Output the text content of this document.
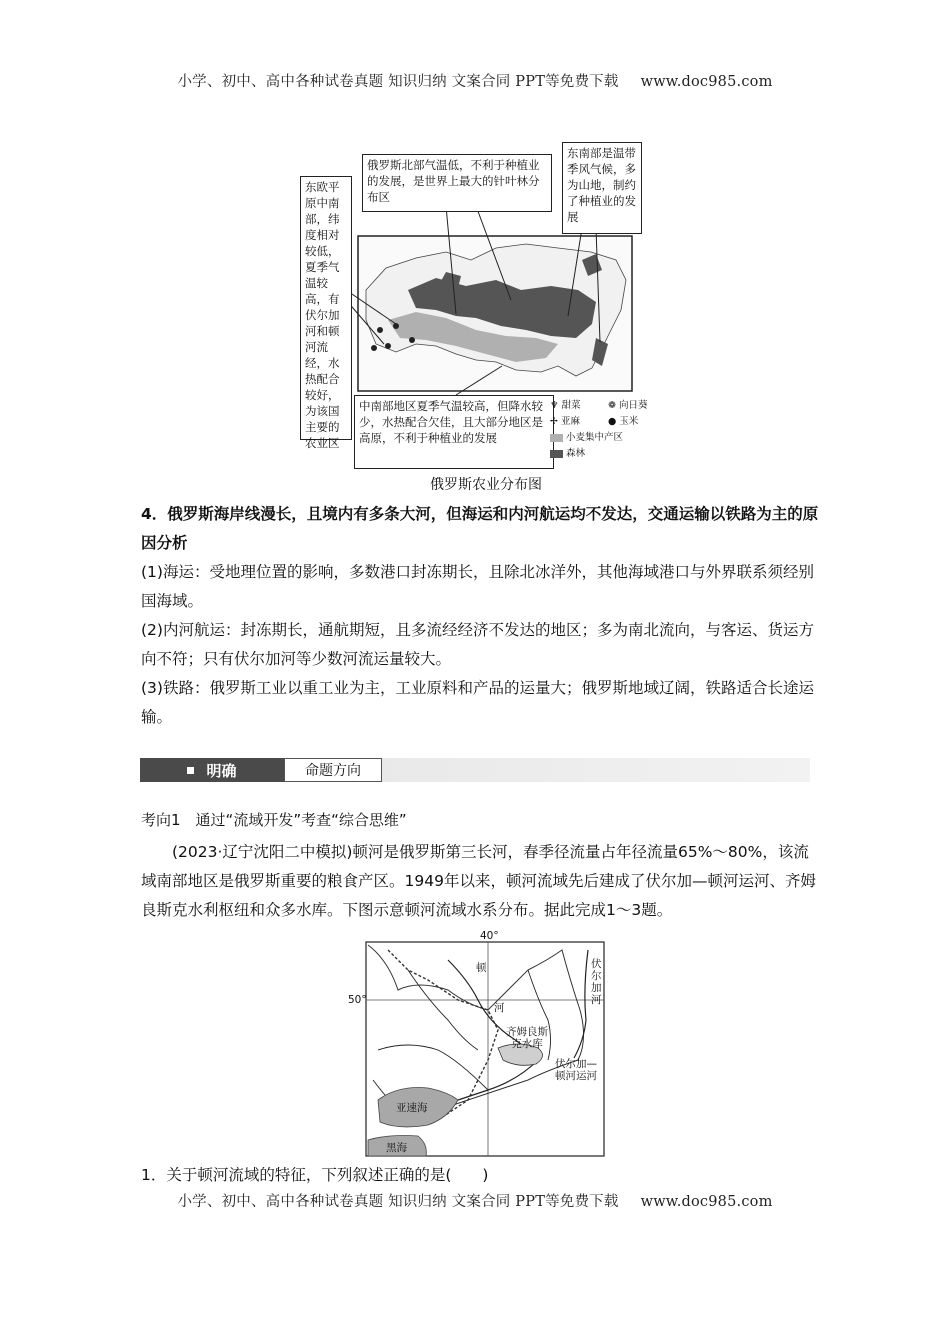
小学、初中、高中各种试卷真题 知识归纳 文案合同 PPT等免费下载 www.doc985.com
东欧平原中南部，纬度相对较低，夏季气温较高，有伏尔加河和顿河流经，水热配合较好，为该国主要的农业区
俄罗斯北部气温低，不利于种植业的发展，是世界上最大的针叶林分布区
东南部是温带季风气候，多为山地，制约了种植业的发展
中南部地区夏季气温较高，但降水较少，水热配合欠佳，且大部分地区是高原，不利于种植业的发展
♆ 甜菜	❁ 向日葵
✢ 亚麻	● 玉米
小麦集中产区
森林
俄罗斯农业分布图
4．俄罗斯海岸线漫长，且境内有多条大河，但海运和内河航运均不发达，交通运输以铁路为主的原因分析
(1)海运：受地理位置的影响，多数港口封冻期长，且除北冰洋外，其他海域港口与外界联系须经别国海域。
(2)内河航运：封冻期长，通航期短，且多流经经济不发达的地区；多为南北流向，与客运、货运方向不符；只有伏尔加河等少数河流运量较大。
(3)铁路：俄罗斯工业以重工业为主，工业原料和产品的运量大；俄罗斯地域辽阔，铁路适合长途运输。
明确	命题方向
考向1　通过“流域开发”考查“综合思维”
(2023·辽宁沈阳二中模拟)顿河是俄罗斯第三长河，春季径流量占年径流量65%～80%，该流域南部地区是俄罗斯重要的粮食产区。1949年以来，顿河流域先后建成了伏尔加—顿河运河、齐姆良斯克水利枢纽和众多水库。下图示意顿河流域水系分布。据此完成1～3题。
40°
50°
顿
河
齐姆良斯克水库
伏尔加河
伏尔加—顿河运河
亚速海
黑海
1．关于顿河流域的特征，下列叙述正确的是(　　)
小学、初中、高中各种试卷真题 知识归纳 文案合同 PPT等免费下载 www.doc985.com
